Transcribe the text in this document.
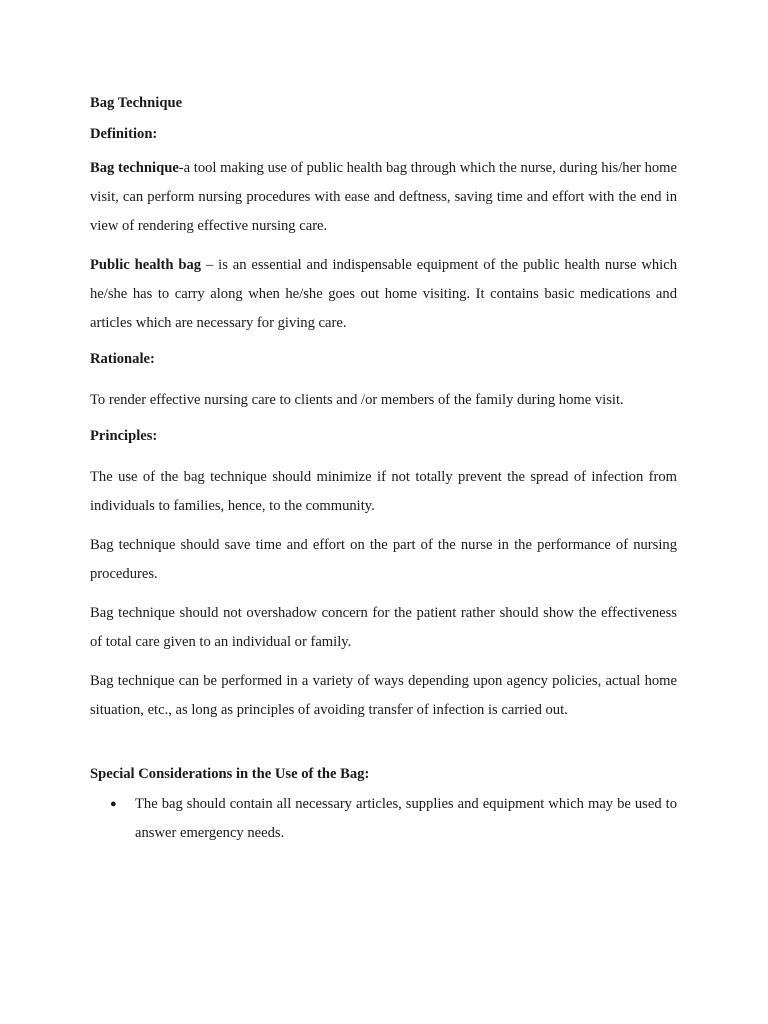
Bag Technique

Definition:

Bag technique-a tool making use of public health bag through which the nurse, during his/her home visit, can perform nursing procedures with ease and deftness, saving time and effort with the end in view of rendering effective nursing care.

Public health bag – is an essential and indispensable equipment of the public health nurse which he/she has to carry along when he/she goes out home visiting. It contains basic medications and articles which are necessary for giving care.

Rationale:

To render effective nursing care to clients and /or members of the family during home visit.

Principles:

The use of the bag technique should minimize if not totally prevent the spread of infection from individuals to families, hence, to the community.

Bag technique should save time and effort on the part of the nurse in the performance of nursing procedures.

Bag technique should not overshadow concern for the patient rather should show the effectiveness of total care given to an individual or family.

Bag technique can be performed in a variety of ways depending upon agency policies, actual home situation, etc., as long as principles of avoiding transfer of infection is carried out.

Special Considerations in the Use of the Bag:

●	The bag should contain all necessary articles, supplies and equipment which may be used to answer emergency needs.
